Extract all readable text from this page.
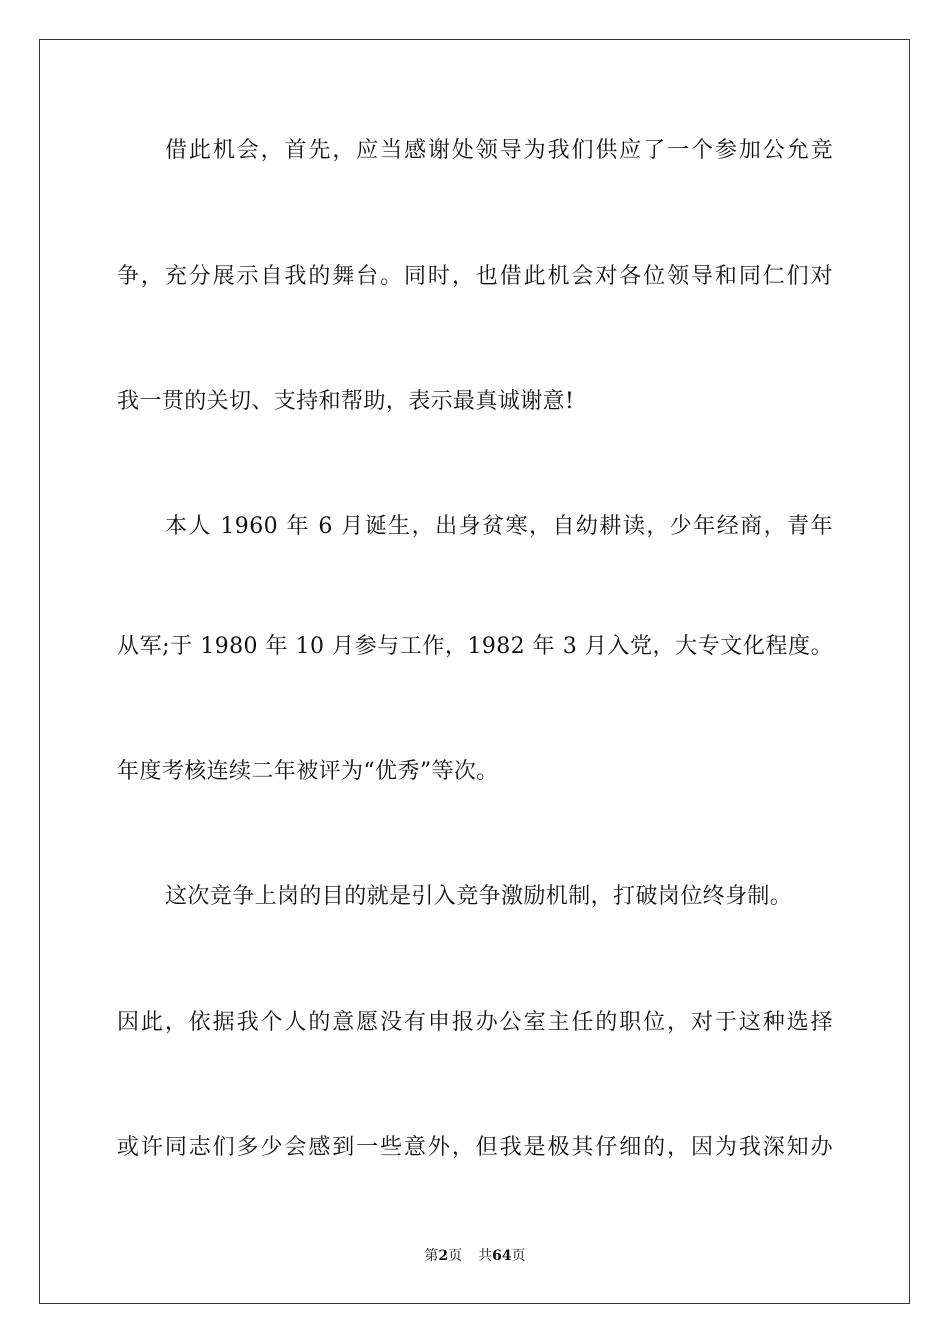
借此机会，首先，应当感谢处领导为我们供应了一个参加公允竞
争，充分展示自我的舞台。同时，也借此机会对各位领导和同仁们对
我一贯的关切、支持和帮助，表示最真诚谢意!
本人 1960 年 6 月诞生，出身贫寒，自幼耕读，少年经商，青年
从军;于 1980 年 10 月参与工作，1982 年 3 月入党，大专文化程度。
年度考核连续二年被评为“优秀”等次。
这次竞争上岗的目的就是引入竞争激励机制，打破岗位终身制。
因此，依据我个人的意愿没有申报办公室主任的职位，对于这种选择
或许同志们多少会感到一些意外，但我是极其仔细的，因为我深知办
第2页 共64页
